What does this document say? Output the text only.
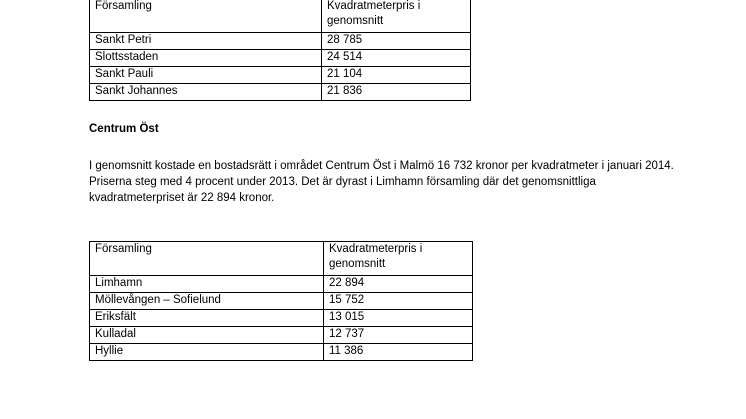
Församling	Kvadratmeterpris i genomsnitt
Sankt Petri	28 785
Slottsstaden	24 514
Sankt Pauli	21 104
Sankt Johannes	21 836
Centrum Öst
I genomsnitt kostade en bostadsrätt i området Centrum Öst i Malmö 16 732 kronor per kvadratmeter i januari 2014. Priserna steg med 4 procent under 2013. Det är dyrast i Limhamn församling där det genomsnittliga kvadratmeterpriset är 22 894 kronor.
Församling	Kvadratmeterpris i genomsnitt
Limhamn	22 894
Möllevången – Sofielund	15 752
Eriksfält	13 015
Kulladal	12 737
Hyllie	11 386
